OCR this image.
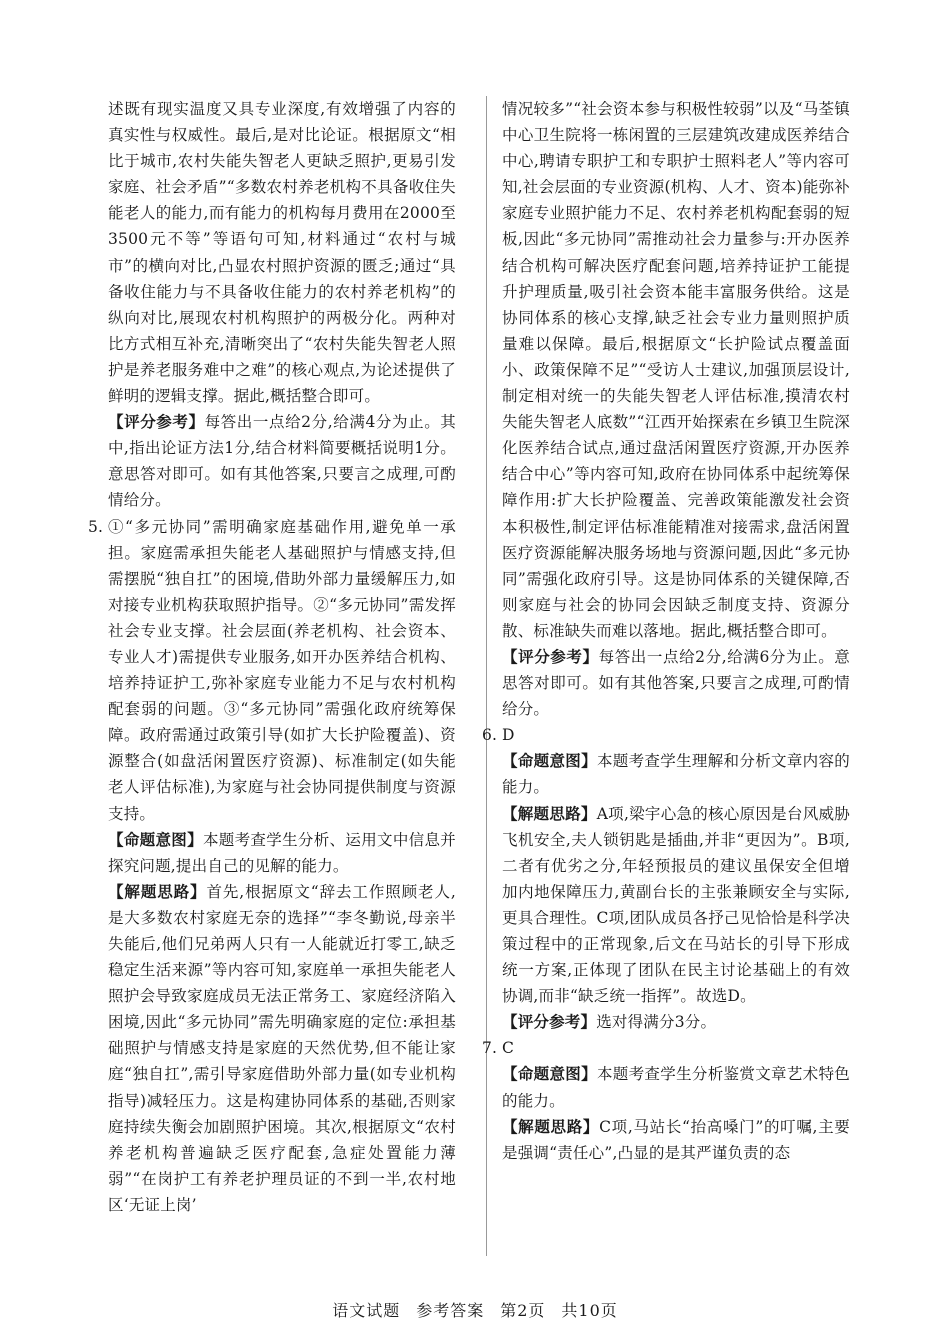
述既有现实温度又具专业深度,有效增强了内容的真实性与权威性。最后,是对比论证。根据原文“相比于城市,农村失能失智老人更缺乏照护,更易引发家庭、社会矛盾”“多数农村养老机构不具备收住失能老人的能力,而有能力的机构每月费用在2000至3500元不等”等语句可知,材料通过“农村与城市”的横向对比,凸显农村照护资源的匮乏;通过“具备收住能力与不具备收住能力的农村养老机构”的纵向对比,展现农村机构照护的两极分化。两种对比方式相互补充,清晰突出了“农村失能失智老人照护是养老服务难中之难”的核心观点,为论述提供了鲜明的逻辑支撑。据此,概括整合即可。

【评分参考】每答出一点给2分,给满4分为止。其中,指出论证方法1分,结合材料简要概括说明1分。意思答对即可。如有其他答案,只要言之成理,可酌情给分。

5. ①“多元协同”需明确家庭基础作用,避免单一承担。家庭需承担失能老人基础照护与情感支持,但需摆脱“独自扛”的困境,借助外部力量缓解压力,如对接专业机构获取照护指导。②“多元协同”需发挥社会专业支撑。社会层面(养老机构、社会资本、专业人才)需提供专业服务,如开办医养结合机构、培养持证护工,弥补家庭专业能力不足与农村机构配套弱的问题。③“多元协同”需强化政府统筹保障。政府需通过政策引导(如扩大长护险覆盖)、资源整合(如盘活闲置医疗资源)、标准制定(如失能老人评估标准),为家庭与社会协同提供制度与资源支持。

【命题意图】本题考查学生分析、运用文中信息并探究问题,提出自己的见解的能力。

【解题思路】首先,根据原文“辞去工作照顾老人,是大多数农村家庭无奈的选择”“李冬勤说,母亲半失能后,他们兄弟两人只有一人能就近打零工,缺乏稳定生活来源”等内容可知,家庭单一承担失能老人照护会导致家庭成员无法正常务工、家庭经济陷入困境,因此“多元协同”需先明确家庭的定位:承担基础照护与情感支持是家庭的天然优势,但不能让家庭“独自扛”,需引导家庭借助外部力量(如专业机构指导)减轻压力。这是构建协同体系的基础,否则家庭持续失衡会加剧照护困境。其次,根据原文“农村养老机构普遍缺乏医疗配套,急症处置能力薄弱”“在岗护工有养老护理员证的不到一半,农村地区‘无证上岗’

情况较多”“社会资本参与积极性较弱”以及“马荃镇中心卫生院将一栋闲置的三层建筑改建成医养结合中心,聘请专职护工和专职护士照料老人”等内容可知,社会层面的专业资源(机构、人才、资本)能弥补家庭专业照护能力不足、农村养老机构配套弱的短板,因此“多元协同”需推动社会力量参与:开办医养结合机构可解决医疗配套问题,培养持证护工能提升护理质量,吸引社会资本能丰富服务供给。这是协同体系的核心支撑,缺乏社会专业力量则照护质量难以保障。最后,根据原文“长护险试点覆盖面小、政策保障不足”“受访人士建议,加强顶层设计,制定相对统一的失能失智老人评估标准,摸清农村失能失智老人底数”“江西开始探索在乡镇卫生院深化医养结合试点,通过盘活闲置医疗资源,开办医养结合中心”等内容可知,政府在协同体系中起统筹保障作用:扩大长护险覆盖、完善政策能激发社会资本积极性,制定评估标准能精准对接需求,盘活闲置医疗资源能解决服务场地与资源问题,因此“多元协同”需强化政府引导。这是协同体系的关键保障,否则家庭与社会的协同会因缺乏制度支持、资源分散、标准缺失而难以落地。据此,概括整合即可。

【评分参考】每答出一点给2分,给满6分为止。意思答对即可。如有其他答案,只要言之成理,可酌情给分。

6. D

【命题意图】本题考查学生理解和分析文章内容的能力。

【解题思路】A项,梁宇心急的核心原因是台风威胁飞机安全,夫人锁钥匙是插曲,并非“更因为”。B项,二者有优劣之分,年轻预报员的建议虽保安全但增加内地保障压力,黄副台长的主张兼顾安全与实际,更具合理性。C项,团队成员各抒己见恰恰是科学决策过程中的正常现象,后文在马站长的引导下形成统一方案,正体现了团队在民主讨论基础上的有效协调,而非“缺乏统一指挥”。故选D。

【评分参考】选对得满分3分。

7. C

【命题意图】本题考查学生分析鉴赏文章艺术特色的能力。

【解题思路】C项,马站长“抬高嗓门”的叮嘱,主要是强调“责任心”,凸显的是其严谨负责的态

语文试题 参考答案 第2页 共10页
